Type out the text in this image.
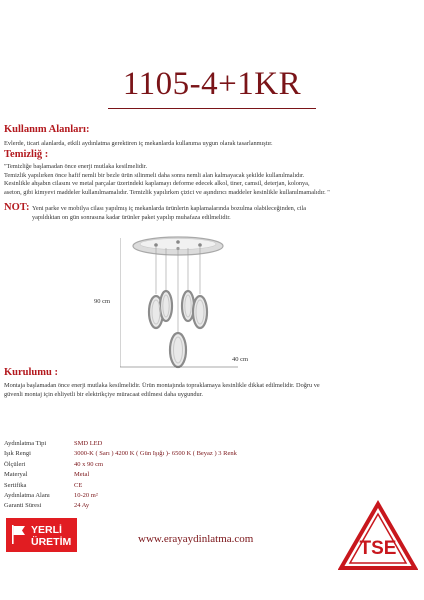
1105-4+1KR
Kullanım Alanları:
Evlerde, ticari alanlarda, etkili aydınlatma gerektiren iç mekanlarda kullanıma uygun olarak tasarlanmıştır.
Temizliğ :
"Temizliğe başlamadan önce enerji mutlaka kesilmelidir.
Temizlik yapılırken önce hafif nemli bir bezle ürün silinmeli daha sonra nemli alan kalmayacak şekilde kullanılmalıdır.
Kesinlikle ahşabın cilasını ve metal parçalar üzerindeki kaplamayı deforme edecek alkol, tiner, camsil, deterjan, kolonya,
aseton, gibi kimyevi maddeler kullanılmamalıdır. Temizlik yapılırken çizici ve aşındırıcı maddeler kesinlikle kullanılmamalıdır. "
NOT: Yeni parke ve mobilya cilası yapılmış iç mekanlarda ürünlerin kaplamalarında bozulma olabileceğinden, cila
yapıldıktan on gün sonrasına kadar ürünler paket yapılıp muhafaza edilmelidir.
90 cm
40 cm
Kurulumu :
Montaja başlamadan önce enerji mutlaka kesilmelidir. Ürün montajında topraklamaya kesinlikle dikkat edilmelidir. Doğru ve
güvenli montaj için ehliyetli bir elektrikçiye müracaat edilmesi daha uygundur.
Aydınlatma Tipi	SMD LED
Işık Rengi	3000-K ( Sarı ) 4200 K ( Gün Işığı )- 6500 K ( Beyaz ) 3 Renk
Ölçüleri	40 x 90 cm
Materyal	Metal
Sertifika	CE
Aydınlatma Alanı	10-20 m²
Garanti Süresi	24 Ay
YERLİ
ÜRETİM	www.erayaydinlatma.com	TSE
